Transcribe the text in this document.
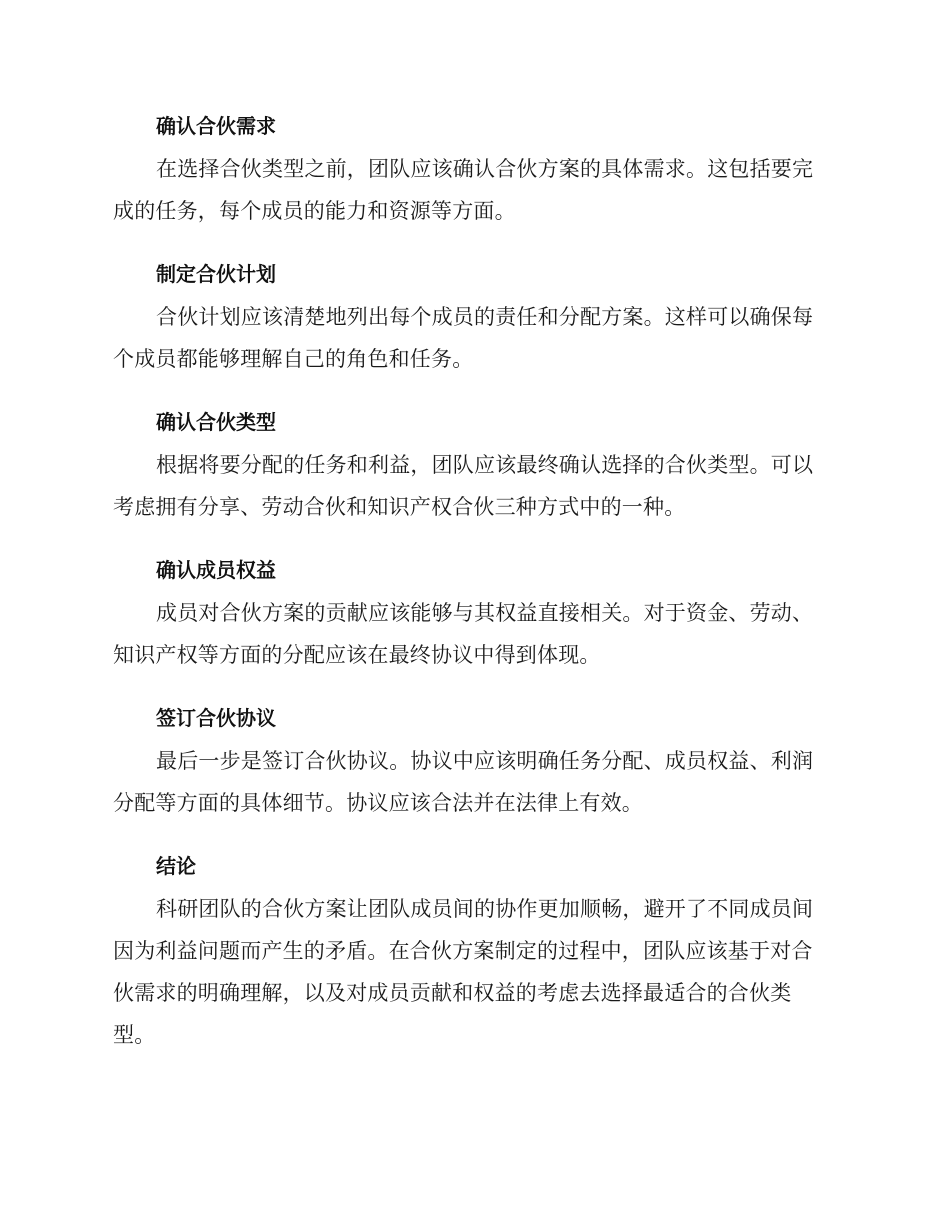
确认合伙需求

在选择合伙类型之前，团队应该确认合伙方案的具体需求。这包括要完成的任务，每个成员的能力和资源等方面。

制定合伙计划

合伙计划应该清楚地列出每个成员的责任和分配方案。这样可以确保每个成员都能够理解自己的角色和任务。

确认合伙类型

根据将要分配的任务和利益，团队应该最终确认选择的合伙类型。可以考虑拥有分享、劳动合伙和知识产权合伙三种方式中的一种。

确认成员权益

成员对合伙方案的贡献应该能够与其权益直接相关。对于资金、劳动、知识产权等方面的分配应该在最终协议中得到体现。

签订合伙协议

最后一步是签订合伙协议。协议中应该明确任务分配、成员权益、利润分配等方面的具体细节。协议应该合法并在法律上有效。

结论

科研团队的合伙方案让团队成员间的协作更加顺畅，避开了不同成员间因为利益问题而产生的矛盾。在合伙方案制定的过程中，团队应该基于对合伙需求的明确理解，以及对成员贡献和权益的考虑去选择最适合的合伙类型。
